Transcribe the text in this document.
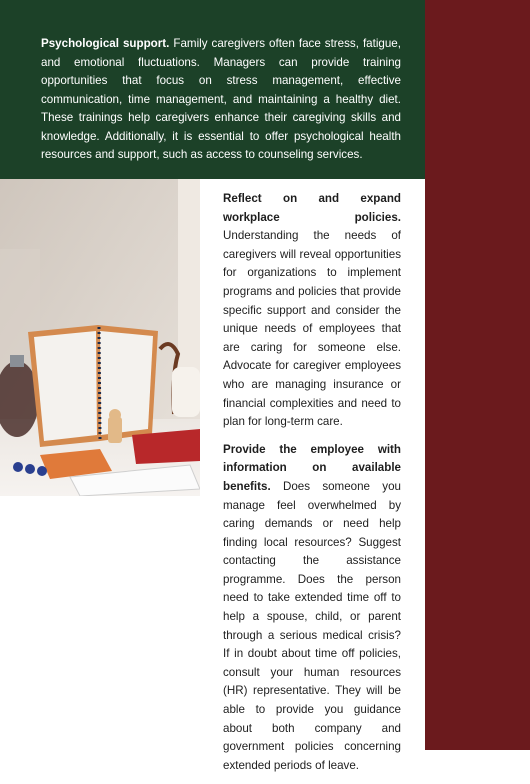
Psychological support. Family caregivers often face stress, fatigue, and emotional fluctuations. Managers can provide training opportunities that focus on stress management, effective communication, time management, and maintaining a healthy diet. These trainings help caregivers enhance their caregiving skills and knowledge. Additionally, it is essential to offer psychological health resources and support, such as access to counseling services.

Reflect on and expand workplace policies. Understanding the needs of caregivers will reveal opportunities for organizations to implement programs and policies that provide specific support and consider the unique needs of employees that are caring for someone else. Advocate for caregiver employees who are managing insurance or financial complexities and need to plan for long-term care.

Provide the employee with information on available benefits. Does someone you manage feel overwhelmed by caring demands or need help finding local resources? Suggest contacting the assistance programme. Does the person need to take extended time off to help a spouse, child, or parent through a serious medical crisis? If in doubt about time off policies, consult your human resources (HR) representative. They will be able to provide you guidance about both company and government policies concerning extended periods of leave.
